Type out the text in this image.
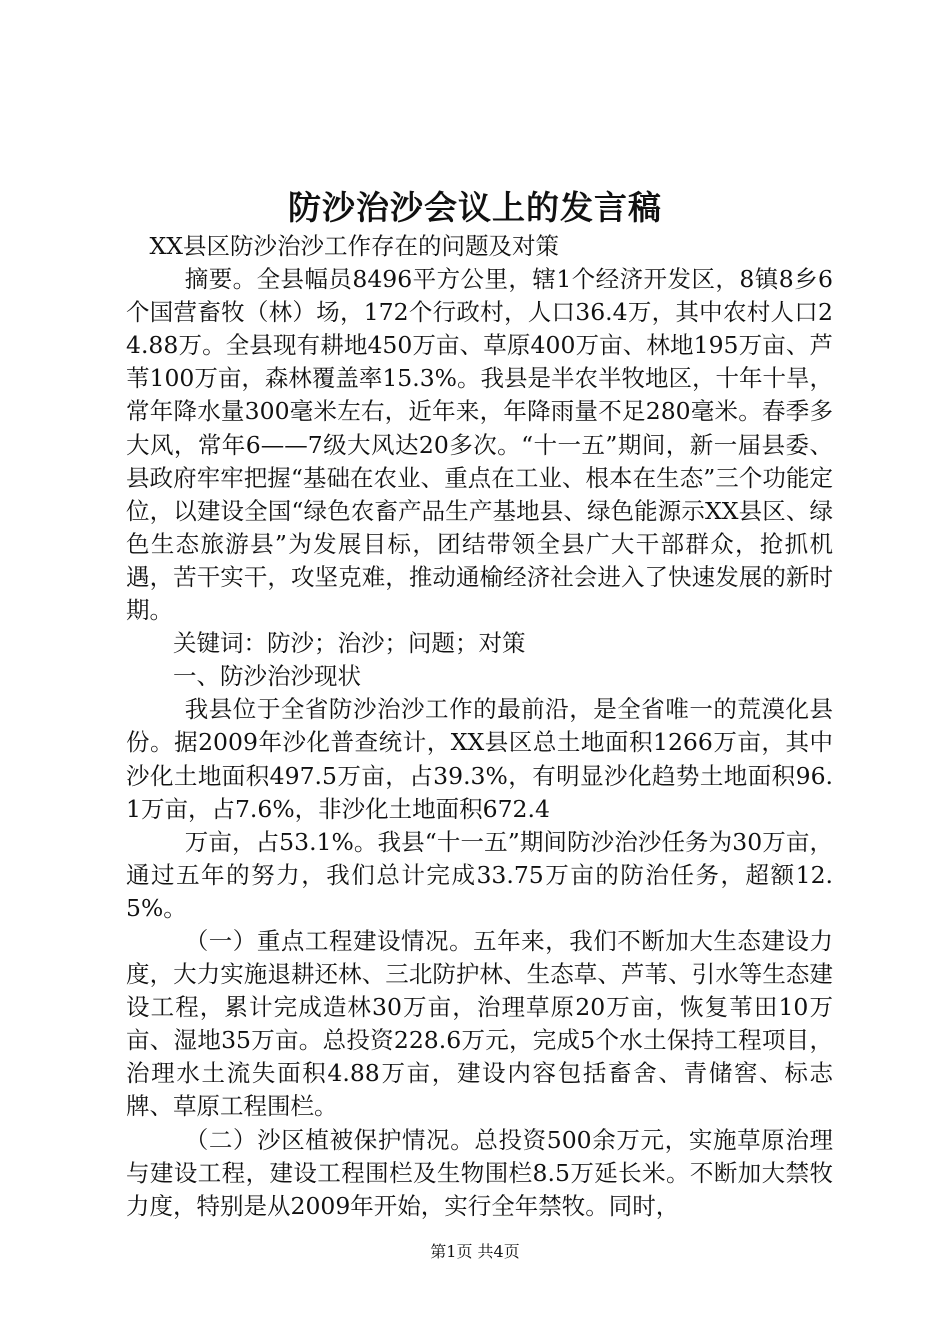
防沙治沙会议上的发言稿

XX县区防沙治沙工作存在的问题及对策

摘要。全县幅员8496平方公里，辖1个经济开发区，8镇8乡6个国营畜牧（林）场，172个行政村，人口36.4万，其中农村人口24.88万。全县现有耕地450万亩、草原400万亩、林地195万亩、芦苇100万亩，森林覆盖率15.3%。我县是半农半牧地区，十年十旱，常年降水量300毫米左右，近年来，年降雨量不足280毫米。春季多大风，常年6——7级大风达20多次。“十一五”期间，新一届县委、县政府牢牢把握“基础在农业、重点在工业、根本在生态”三个功能定位，以建设全国“绿色农畜产品生产基地县、绿色能源示XX县区、绿色生态旅游县”为发展目标，团结带领全县广大干部群众，抢抓机遇，苦干实干，攻坚克难，推动通榆经济社会进入了快速发展的新时期。

关键词：防沙；治沙；问题；对策

一、防沙治沙现状

我县位于全省防沙治沙工作的最前沿，是全省唯一的荒漠化县份。据2009年沙化普查统计，XX县区总土地面积1266万亩，其中沙化土地面积497.5万亩，占39.3%，有明显沙化趋势土地面积96.1万亩，占7.6%，非沙化土地面积672.4

万亩，占53.1%。我县“十一五”期间防沙治沙任务为30万亩，通过五年的努力，我们总计完成33.75万亩的防治任务，超额12.5%。

（一）重点工程建设情况。五年来，我们不断加大生态建设力度，大力实施退耕还林、三北防护林、生态草、芦苇、引水等生态建设工程，累计完成造林30万亩，治理草原20万亩，恢复苇田10万亩、湿地35万亩。总投资228.6万元，完成5个水土保持工程项目，治理水土流失面积4.88万亩，建设内容包括畜舍、青储窖、标志牌、草原工程围栏。

（二）沙区植被保护情况。总投资500余万元，实施草原治理与建设工程，建设工程围栏及生物围栏8.5万延长米。不断加大禁牧力度，特别是从2009年开始，实行全年禁牧。同时，

第1页 共4页
